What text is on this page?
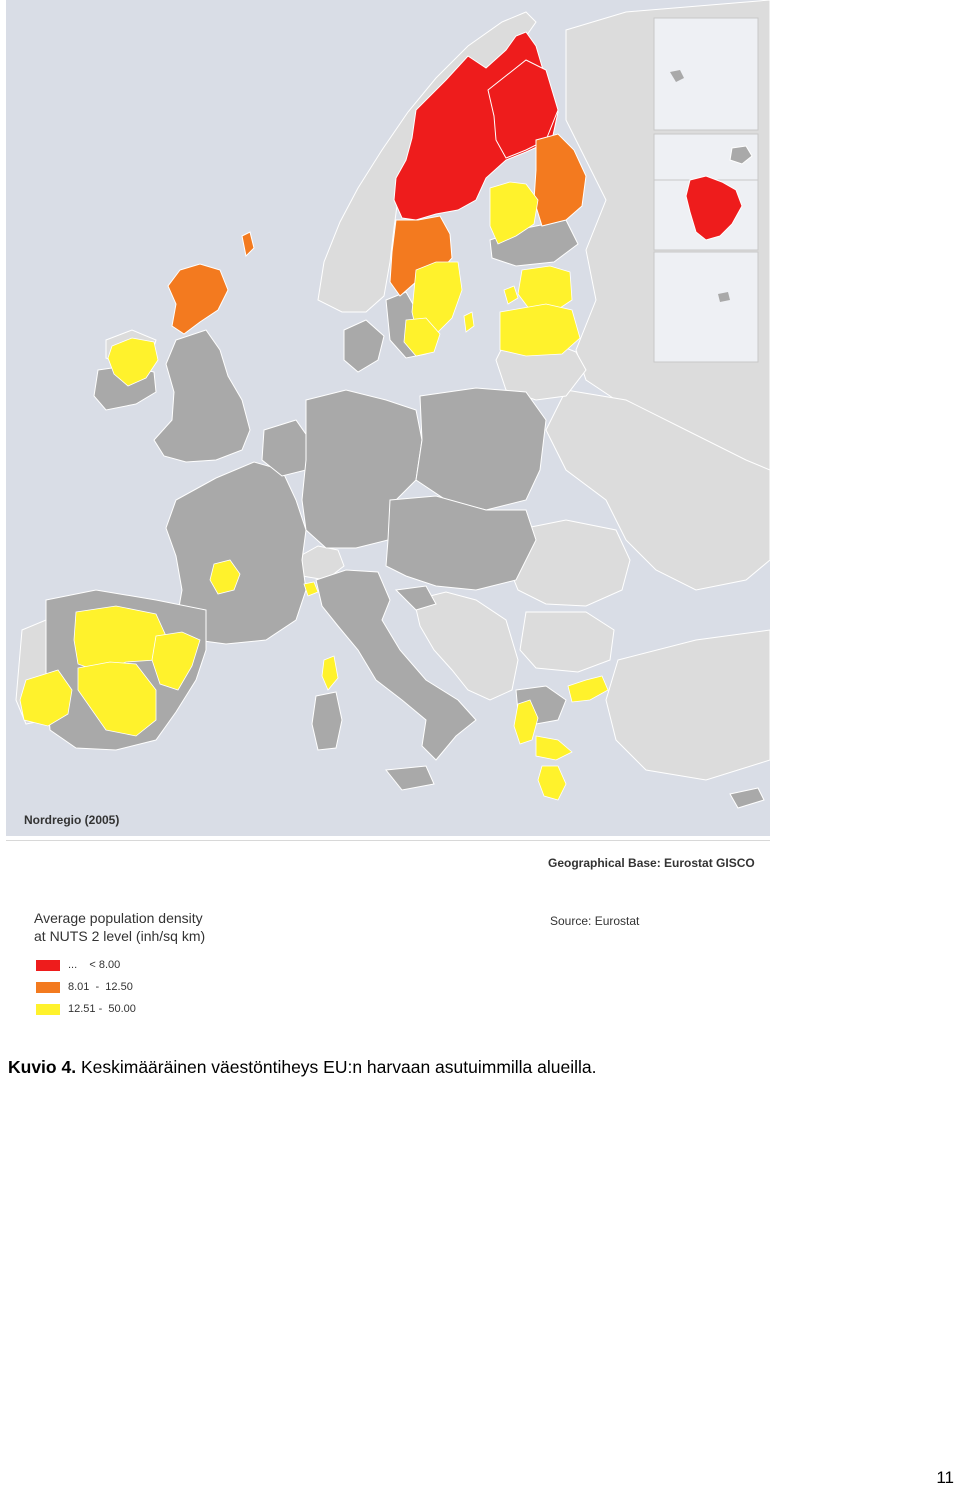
Nordregio (2005)
Geographical Base: Eurostat GISCO
Average population density
at NUTS 2 level (inh/sq km)
Source: Eurostat
...    < 8.00
8.01  -  12.50
12.51 -  50.00
Kuvio 4. Keskimääräinen väestöntiheys EU:n harvaan asutuimmilla alueilla.
11
